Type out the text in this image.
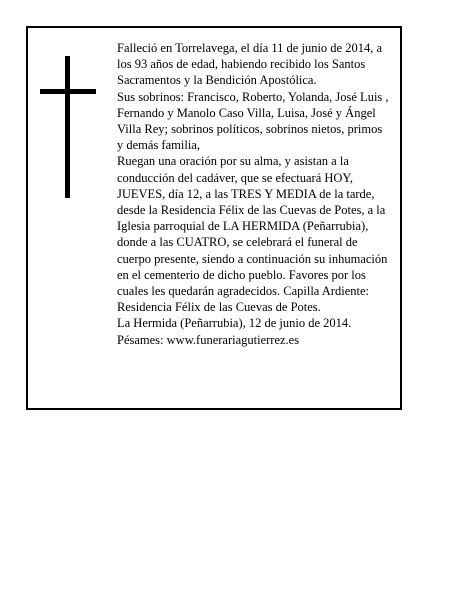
Falleció en Torrelavega, el día 11 de junio de 2014, a los 93 años de edad, habiendo recibido los Santos Sacramentos y la Bendición Apostólica.

Sus sobrinos: Francisco, Roberto, Yolanda, José Luis , Fernando y Manolo Caso Villa, Luisa, José y Ángel Villa Rey; sobrinos políticos, sobrinos nietos, primos y demás familia,

Ruegan una oración por su alma, y asistan a la conducción del cadáver, que se efectuará HOY, JUEVES, día 12, a las TRES Y MEDIA de la tarde, desde la Residencia Félix de las Cuevas de Potes, a la Iglesia parroquial de LA HERMIDA (Peñarrubia), donde a las CUATRO, se celebrará el funeral de cuerpo presente, siendo a continuación su inhumación en el cementerio de dicho pueblo. Favores por los cuales les quedarán agradecidos. Capilla Ardiente: Residencia Félix de las Cuevas de Potes.

La Hermida (Peñarrubia), 12 de junio de 2014.

Pésames: www.funerariagutierrez.es
